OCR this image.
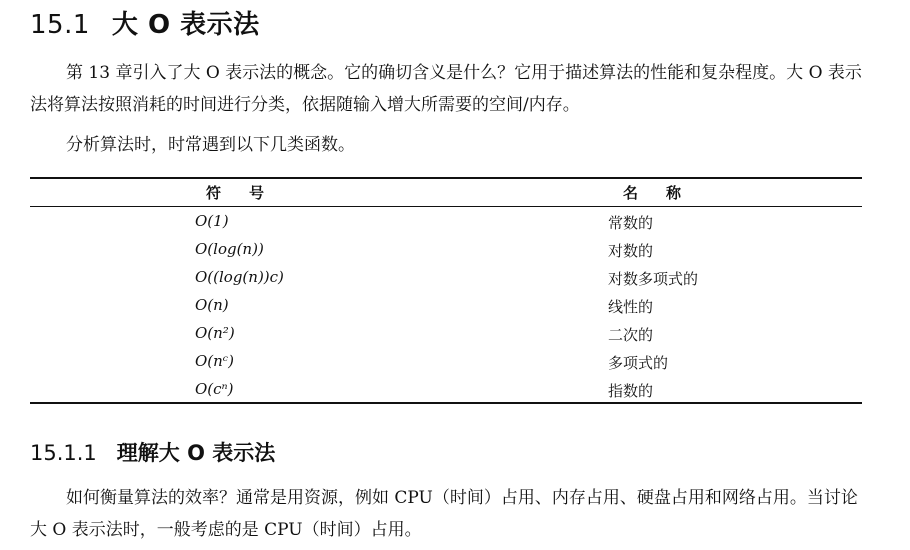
15.1 大 O 表示法

第 13 章引入了大 O 表示法的概念。它的确切含义是什么？它用于描述算法的性能和复杂程度。大 O 表示法将算法按照消耗的时间进行分类，依据随输入增大所需要的空间/内存。

分析算法时，时常遇到以下几类函数。

符号	名称
O(1)	常数的
O(log(n))	对数的
O((log(n))c)	对数多项式的
O(n)	线性的
O(n²)	二次的
O(nᶜ)	多项式的
O(cⁿ)	指数的
15.1.1 理解大 O 表示法

如何衡量算法的效率？通常是用资源，例如 CPU（时间）占用、内存占用、硬盘占用和网络占用。当讨论大 O 表示法时，一般考虑的是 CPU（时间）占用。
